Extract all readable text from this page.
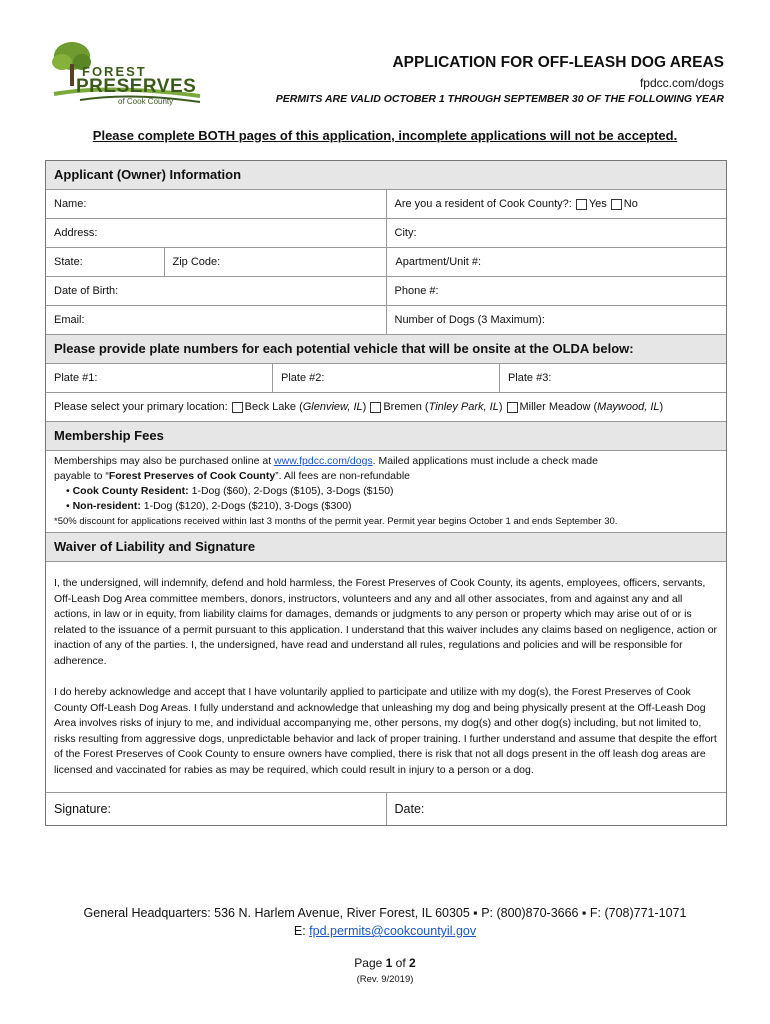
FOREST
PRESERVES
of Cook County
APPLICATION FOR OFF-LEASH DOG AREAS
fpdcc.com/dogs
PERMITS ARE VALID OCTOBER 1 THROUGH SEPTEMBER 30 OF THE FOLLOWING YEAR
Please complete BOTH pages of this application, incomplete applications will not be accepted.
Applicant (Owner) Information
Name:	Are you a resident of Cook County?: Yes No
Address:	City:
State:	Zip Code:	Apartment/Unit #:
Date of Birth:	Phone #:
Email:	Number of Dogs (3 Maximum):
Please provide plate numbers for each potential vehicle that will be onsite at the OLDA below:
Plate #1:	Plate #2:	Plate #3:
Please select your primary location: Beck Lake ( Glenview, IL ) Bremen ( Tinley Park, IL ) Miller Meadow ( Maywood, IL )
Membership Fees
Memberships may also be purchased online at www.fpdcc.com/dogs. Mailed applications must include a check made
payable to “Forest Preserves of Cook County”. All fees are non-refundable
• Cook County Resident: 1-Dog ($60), 2-Dogs ($105), 3-Dogs ($150)
• Non-resident: 1-Dog ($120), 2-Dogs ($210), 3-Dogs ($300)
*50% discount for applications received within last 3 months of the permit year. Permit year begins October 1 and ends September 30.
Waiver of Liability and Signature

I, the undersigned, will indemnify, defend and hold harmless, the Forest Preserves of Cook County, its agents, employees, officers, servants, Off-Leash Dog Area committee members, donors, instructors, volunteers and any and all other associates, from and against any and all actions, in law or in equity, from liability claims for damages, demands or judgments to any person or property which may arise out of or is related to the issuance of a permit pursuant to this application. I understand that this waiver includes any claims based on negligence, action or inaction of any of the parties. I, the undersigned, have read and understand all rules, regulations and policies and will be responsible for adherence.

I do hereby acknowledge and accept that I have voluntarily applied to participate and utilize with my dog(s), the Forest Preserves of Cook County Off-Leash Dog Areas. I fully understand and acknowledge that unleashing my dog and being physically present at the Off-Leash Dog Area involves risks of injury to me, and individual accompanying me, other persons, my dog(s) and other dog(s) including, but not limited to, risks resulting from aggressive dogs, unpredictable behavior and lack of proper training. I further understand and assume that despite the effort of the Forest Preserves of Cook County to ensure owners have complied, there is risk that not all dogs present in the off leash dog areas are licensed and vaccinated for rabies as may be required, which could result in injury to a person or a dog.

Signature:	Date:
General Headquarters: 536 N. Harlem Avenue, River Forest, IL 60305 ▪ P: (800)870-3666 ▪ F: (708)771-1071
E: fpd.permits@cookcountyil.gov
Page 1 of 2
(Rev. 9/2019)
